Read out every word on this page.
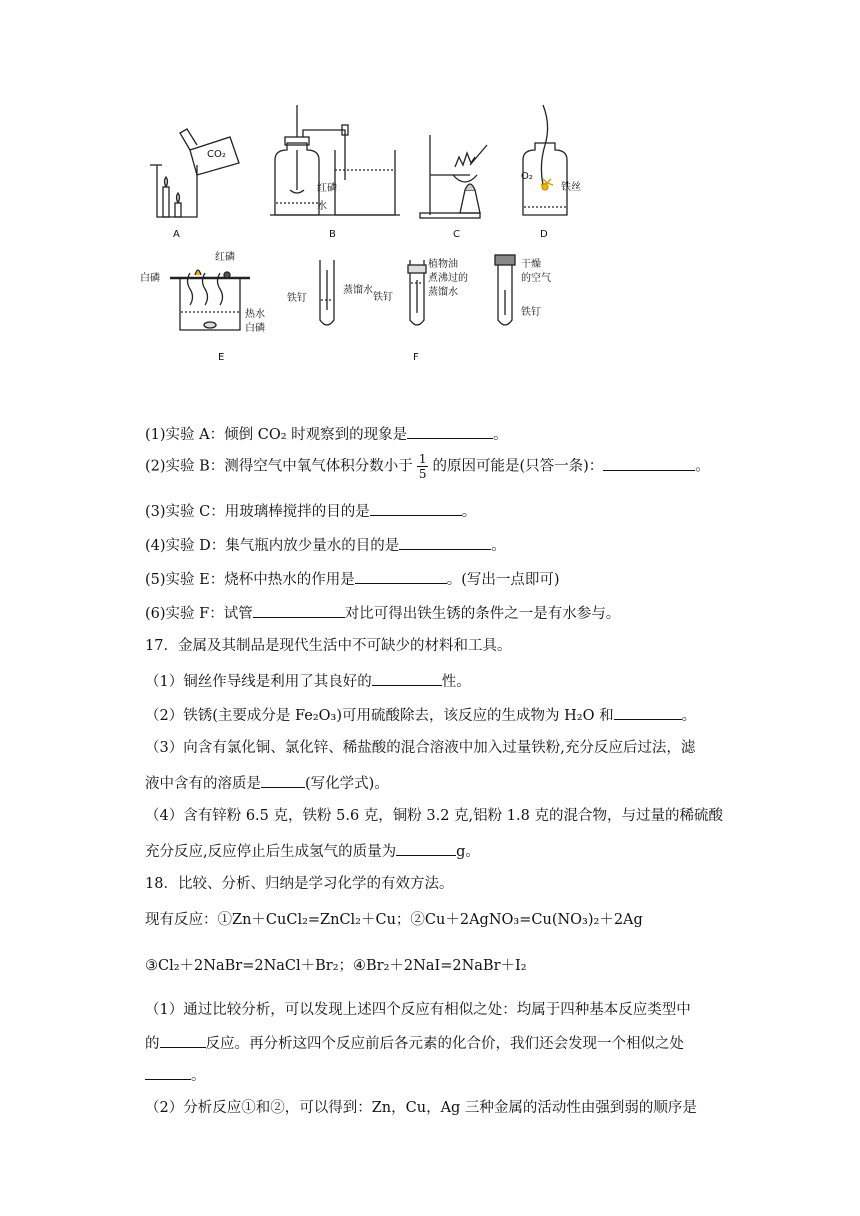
A
CO₂
B
红磷
水
C	D
O₂
铁丝
白磷
红磷
热水
白磷
E
铁钉
蒸馏水
铁钉
植物油
煮沸过的
蒸馏水
F
干燥
的空气
铁钉
(1)实验 A：倾倒 CO₂ 时观察到的现象是	。
(2)实验 B：测得空气中氧气体积分数小于 $\frac{1}{5}$ 的原因可能是(只答一条)：	。
(3)实验 C：用玻璃棒搅拌的目的是	。
(4)实验 D：集气瓶内放少量水的目的是	。
(5)实验 E：烧杯中热水的作用是	。(写出一点即可)
(6)实验 F：试管	对比可得出铁生锈的条件之一是有水参与。
17．金属及其制品是现代生活中不可缺少的材料和工具。
（1）铜丝作导线是利用了其良好的	性。
（2）铁锈(主要成分是 Fe₂O₃)可用硫酸除去，该反应的生成物为 H₂O 和	。
（3）向含有氯化铜、氯化锌、稀盐酸的混合溶液中加入过量铁粉,充分反应后过法，滤
液中含有的溶质是	(写化学式)。
（4）含有锌粉 6.5 克，铁粉 5.6 克，铜粉 3.2 克,铝粉 1.8 克的混合物，与过量的稀硫酸
充分反应,反应停止后生成氢气的质量为	g。
18．比较、分析、归纳是学习化学的有效方法。
现有反应：①Zn＋CuCl₂=ZnCl₂＋Cu；②Cu＋2AgNO₃=Cu(NO₃)₂＋2Ag
③Cl₂＋2NaBr=2NaCl＋Br₂；④Br₂＋2NaI=2NaBr＋I₂
（1）通过比较分析，可以发现上述四个反应有相似之处：均属于四种基本反应类型中
的	反应。再分析这四个反应前后各元素的化合价，我们还会发现一个相似之处
。
（2）分析反应①和②，可以得到：Zn，Cu，Ag 三种金属的活动性由强到弱的顺序是
